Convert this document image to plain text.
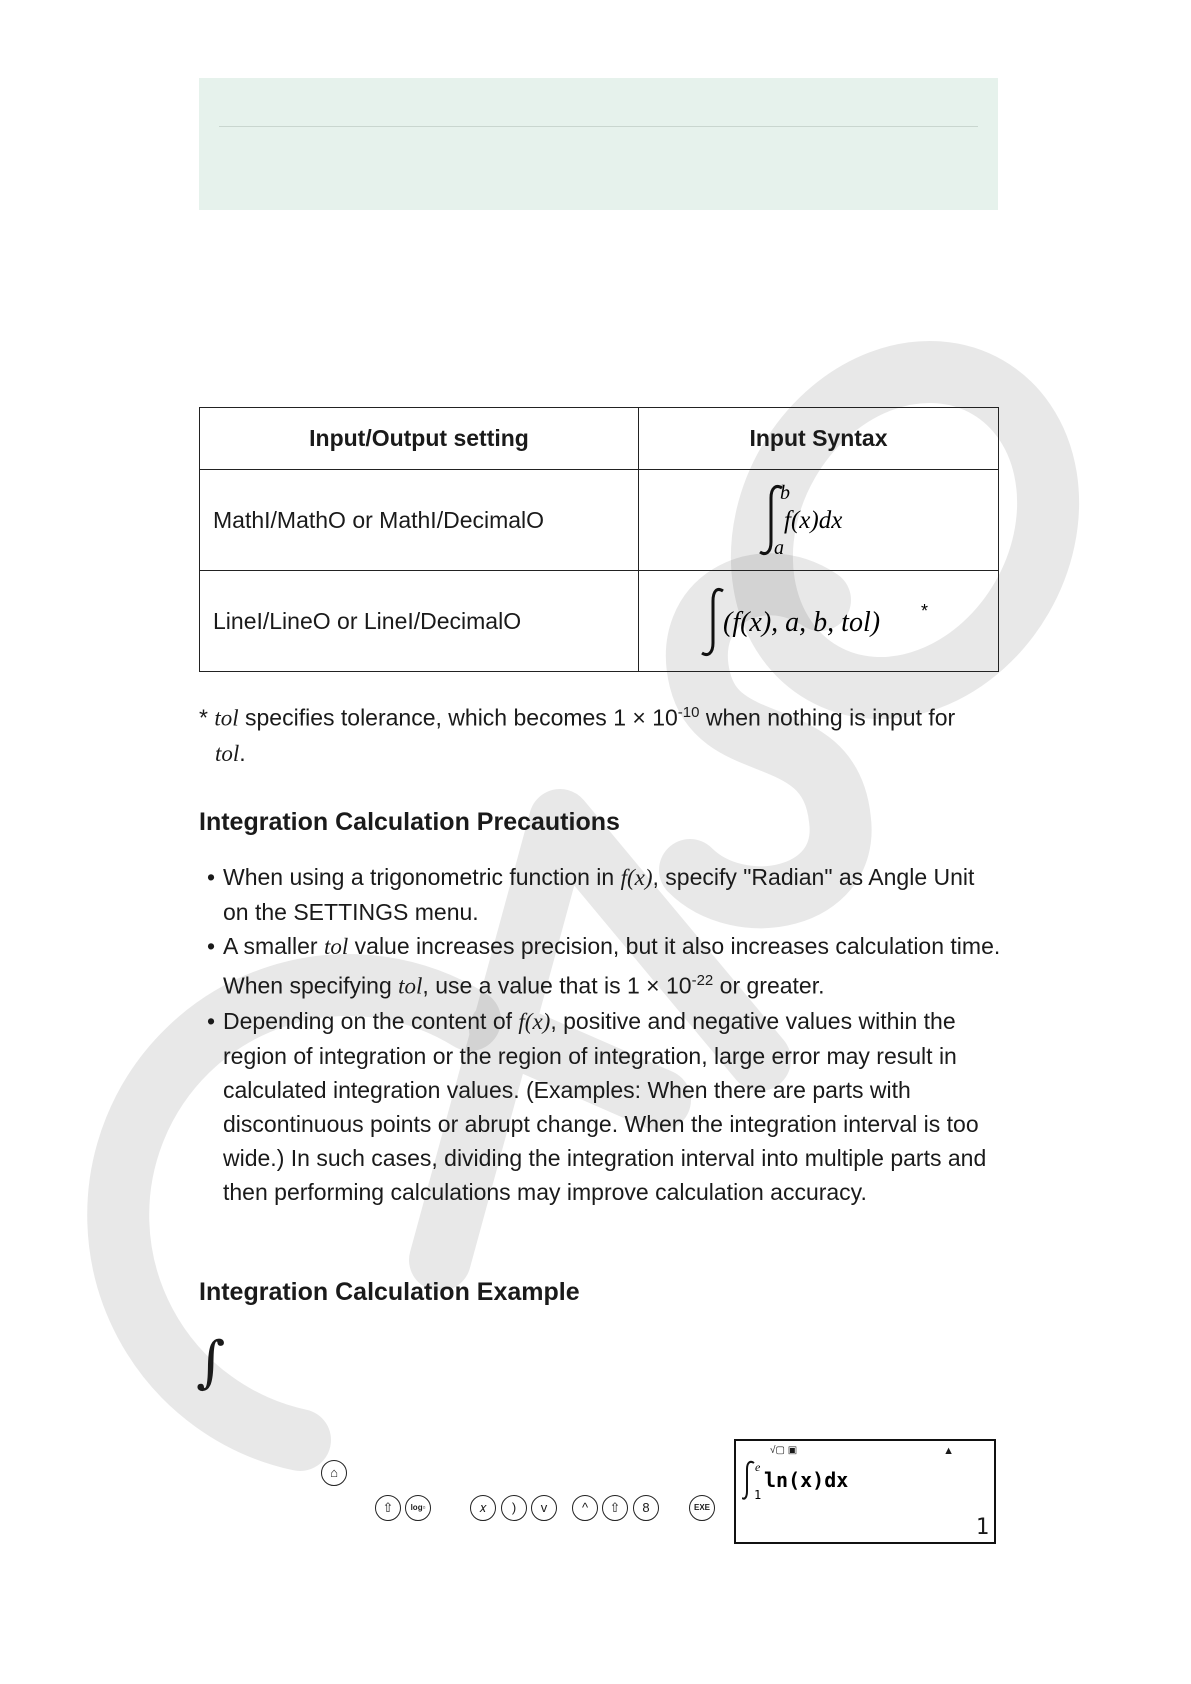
Input/Output setting	Input Syntax
MathI/MathO or MathI/DecimalO	b
a
f(x)dx

LineI/LineO or LineI/DecimalO	(f(x), a, b, tol) *
* tol specifies tolerance, which becomes $1 \times 10^{-10}$ when nothing is input for
tol.
Integration Calculation Precautions
• When using a trigonometric function in f(x), specify "Radian" as Angle Unit on the SETTINGS menu.
• A smaller tol value increases precision, but it also increases calculation time. When specifying tol, use a value that is $1 \times 10^{-22}$ or greater.
• Depending on the content of f(x), positive and negative values within the region of integration or the region of integration, large error may result in calculated integration values. (Examples: When there are parts with discontinuous points or abrupt change. When the integration interval is too wide.) In such cases, dividing the integration interval into multiple parts and then performing calculations may improve calculation accuracy.
Integration Calculation Example
∫
⌂
⇧	log▫	𝑥	)	v	^	⇧	8	EXE
√▢ ▣	▲
e
1
ln(x)dx
1
